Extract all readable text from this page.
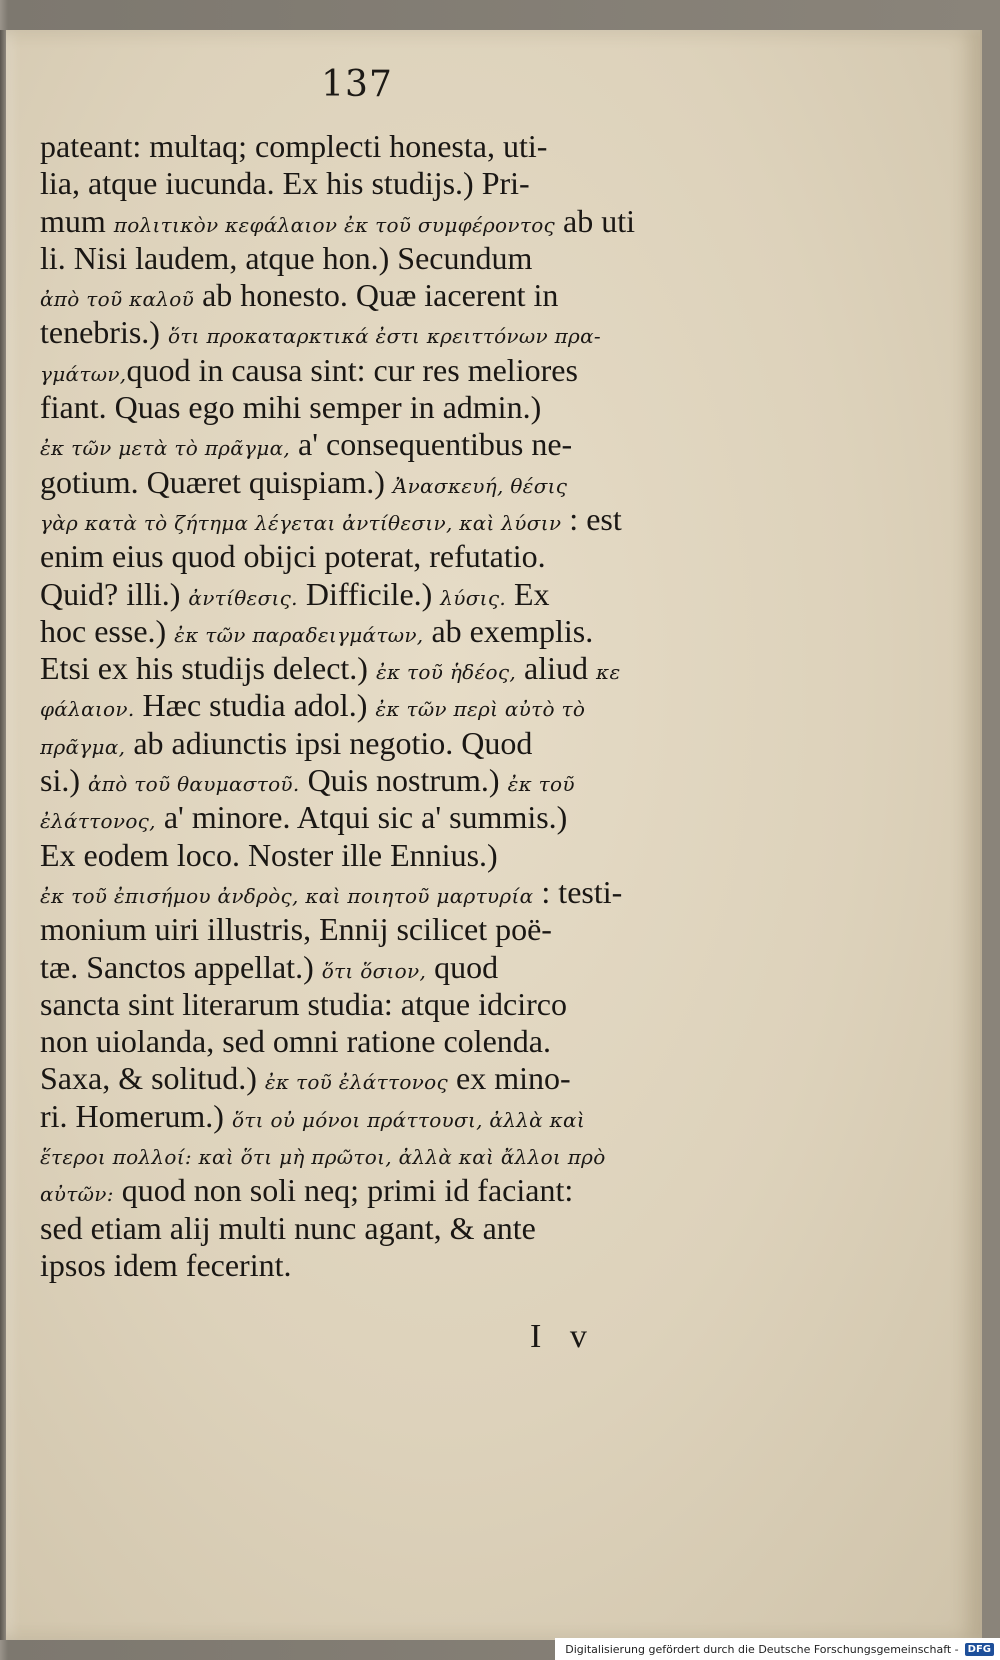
137
pateant: multaq; complecti honesta, uti-
lia, atque iucunda. Ex his studijs.) Pri-
mum πολιτικὸν κεφάλαιον ἐκ τοῦ συμφέροντος ab uti
li. Nisi laudem, atque hon.) Secundum
ἀπὸ τοῦ καλοῦ ab honesto. Quæ iacerent in
tenebris.) ὅτι προκαταρκτικά ἐστι κρειττόνων πρα-
γμάτων,quod in causa sint: cur res meliores
fiant. Quas ego mihi semper in admin.)
ἐκ τῶν μετὰ τὸ πρᾶγμα, a' consequentibus ne-
gotium. Quæret quispiam.) Ἀνασκευή, θέσις
γὰρ κατὰ τὸ ζήτημα λέγεται ἀντίθεσιν, καὶ λύσιν : est
enim eius quod obijci poterat, refutatio.
Quid? illi.) ἀντίθεσις. Difficile.) λύσις. Ex
hoc esse.) ἐκ τῶν παραδειγμάτων, ab exemplis.
Etsi ex his studijs delect.) ἐκ τοῦ ἡδέος, aliud κε
φάλαιον. Hæc studia adol.) ἐκ τῶν περὶ αὐτὸ τὸ
πρᾶγμα, ab adiunctis ipsi negotio. Quod
si.) ἀπὸ τοῦ θαυμαστοῦ. Quis nostrum.) ἐκ τοῦ
ἐλάττονος, a' minore. Atqui sic a' summis.)
Ex eodem loco. Noster ille Ennius.)
ἐκ τοῦ ἐπισήμου ἀνδρὸς, καὶ ποιητοῦ μαρτυρία : testi-
monium uiri illustris, Ennij scilicet poë-
tæ. Sanctos appellat.) ὅτι ὅσιον, quod
sancta sint literarum studia: atque idcirco
non uiolanda, sed omni ratione colenda.
Saxa, & solitud.) ἐκ τοῦ ἐλάττονος ex mino-
ri. Homerum.) ὅτι οὐ μόνοι πράττουσι, ἀλλὰ καὶ
ἕτεροι πολλοί: καὶ ὅτι μὴ πρῶτοι, ἀλλὰ καὶ ἄλλοι πρὸ
αὐτῶν: quod non soli neq; primi id faciant:
sed etiam alij multi nunc agant, & ante
ipsos idem fecerint.
I v
Digitalisierung gefördert durch die Deutsche Forschungsgemeinschaft - DFG
